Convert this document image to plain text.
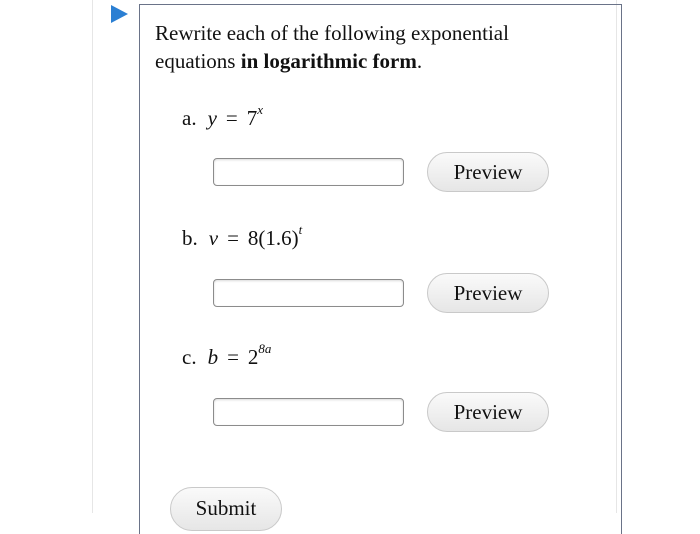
Rewrite each of the following exponential
equations in logarithmic form.
a. $y = 7^x$
Preview
b. $v = 8(1.6)^t$
Preview
c. $b = 2^{8a}$
Preview
Submit
